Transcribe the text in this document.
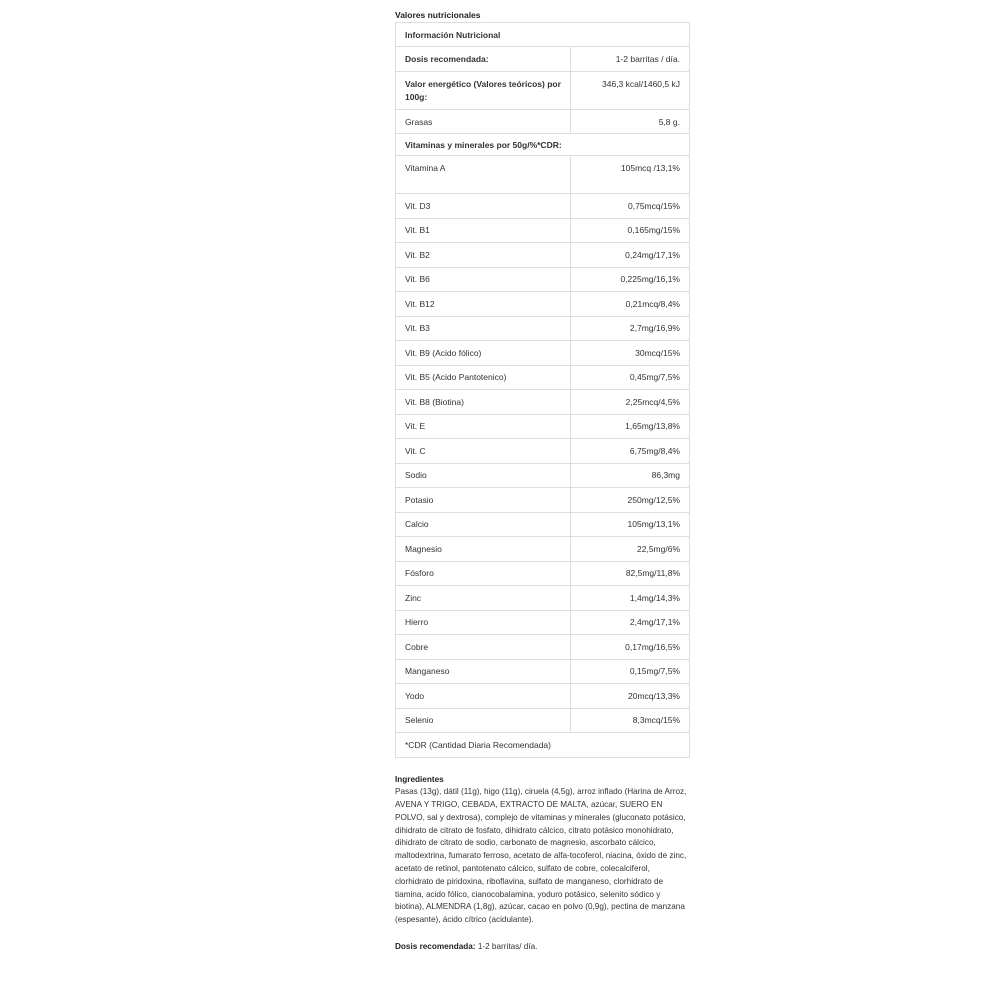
Valores nutricionales
Información Nutricional	
Dosis recomendada:	1-2 barritas / día.
Valor energético (Valores teóricos) por 100g:	346,3 kcal/1460,5 kJ
Grasas	5,8 g.
Vitaminas y minerales por 50g/%*CDR:	
Vitamina A	105mcq /13,1%
Vit. D3	0,75mcq/15%
Vit. B1	0,165mg/15%
Vit. B2	0,24mg/17,1%
Vit. B6	0,225mg/16,1%
Vit. B12	0,21mcq/8,4%
Vit. B3	2,7mg/16,9%
Vit. B9 (Acido fólico)	30mcq/15%
Vit. B5 (Acido Pantotenico)	0,45mg/7,5%
Vit. B8 (Biotina)	2,25mcq/4,5%
Vit. E	1,65mg/13,8%
Vit. C	6,75mg/8,4%
Sodio	86,3mg
Potasio	250mg/12,5%
Calcio	105mg/13,1%
Magnesio	22,5mg/6%
Fósforo	82,5mg/11,8%
Zinc	1,4mg/14,3%
Hierro	2,4mg/17,1%
Cobre	0,17mg/16,5%
Manganeso	0,15mg/7,5%
Yodo	20mcq/13,3%
Selenio	8,3mcq/15%
*CDR (Cantidad Diaria Recomendada)	
Ingredientes
Pasas (13g), dátil (11g), higo (11g), ciruela (4,5g), arroz inflado (Harina de Arroz, AVENA Y TRIGO, CEBADA, EXTRACTO DE MALTA, azúcar, SUERO EN POLVO, sal y dextrosa), complejo de vitaminas y minerales (gluconato potásico, dihidrato de citrato de fosfato, dihidrato cálcico, citrato potásico monohidrato, dihidrato de citrato de sodio, carbonato de magnesio, ascorbato cálcico, maltodextrina, fumarato ferroso, acetato de alfa-tocoferol, niacina, óxido de zinc, acetato de retinol, pantotenato cálcico, sulfato de cobre, colecalciferol, clorhidrato de piridoxina, riboflavina, sulfato de manganeso, clorhidrato de tiamina, acido fólico, cianocobalamina, yoduro potásico, selenito sódico y biotina), ALMENDRA (1,8g), azúcar, cacao en polvo (0,9g), pectina de manzana (espesante), ácido cítrico (acidulante).
Dosis recomendada: 1-2 barritas/ día.
